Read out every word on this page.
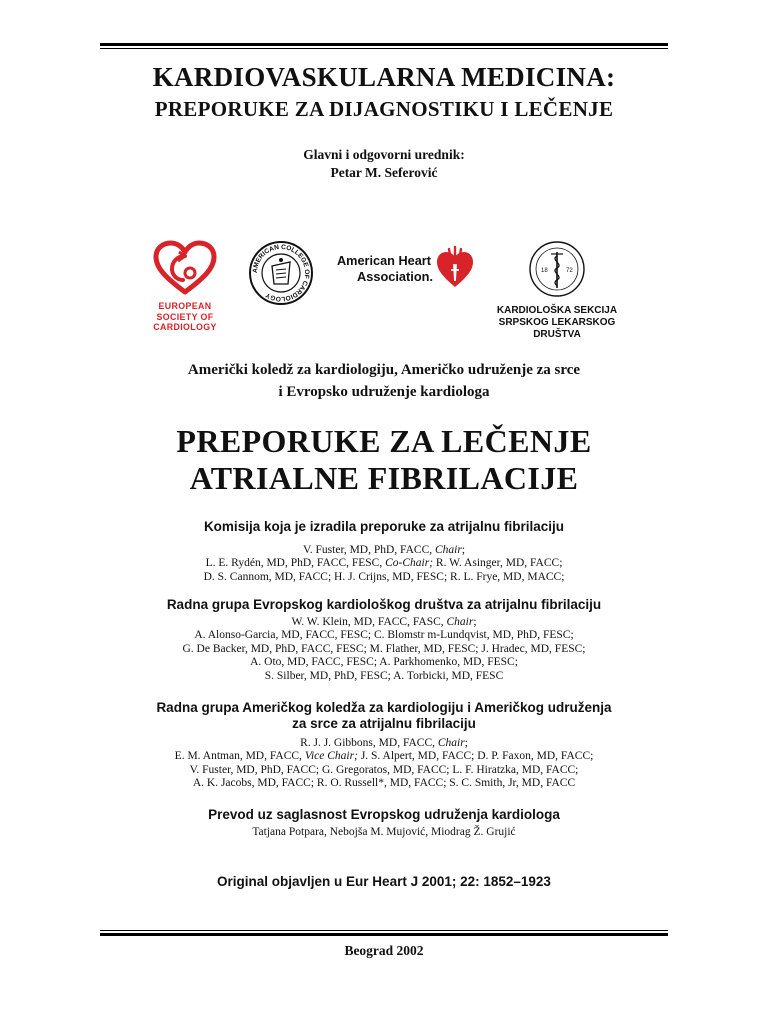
KARDIOVASKULARNA MEDICINA:
PREPORUKE ZA DIJAGNOSTIKU I LEČENJE
Glavni i odgovorni urednik:
Petar M. Seferović
EUROPEAN
SOCIETY OF
CARDIOLOGY
AMERICAN COLLEGE OF CARDIOLOGY
American Heart
Association.	18	72
KARDIOLOŠKA SEKCIJA
SRPSKOG LEKARSKOG
DRUŠTVA
Američki koledž za kardiologiju, Američko udruženje za srce
i Evropsko udruženje kardiologa
PREPORUKE ZA LEČENJE
ATRIALNE FIBRILACIJE
Komisija koja je izradila preporuke za atrijalnu fibrilaciju
V. Fuster, MD, PhD, FACC, Chair;
L. E. Rydén, MD, PhD, FACC, FESC, Co-Chair; R. W. Asinger, MD, FACC;
D. S. Cannom, MD, FACC; H. J. Crijns, MD, FESC; R. L. Frye, MD, MACC;
Radna grupa Evropskog kardiološkog društva za atrijalnu fibrilaciju
W. W. Klein, MD, FACC, FASC, Chair;
A. Alonso-Garcia, MD, FACC, FESC; C. Blomstr m-Lundqvist, MD, PhD, FESC;
G. De Backer, MD, PhD, FACC, FESC; M. Flather, MD, FESC; J. Hradec, MD, FESC;
A. Oto, MD, FACC, FESC; A. Parkhomenko, MD, FESC;
S. Silber, MD, PhD, FESC; A. Torbicki, MD, FESC
Radna grupa Američkog koledža za kardiologiju i Američkog udruženja
za srce za atrijalnu fibrilaciju
R. J. J. Gibbons, MD, FACC, Chair;
E. M. Antman, MD, FACC, Vice Chair; J. S. Alpert, MD, FACC; D. P. Faxon, MD, FACC;
V. Fuster, MD, PhD, FACC; G. Gregoratos, MD, FACC; L. F. Hiratzka, MD, FACC;
A. K. Jacobs, MD, FACC; R. O. Russell*, MD, FACC; S. C. Smith, Jr, MD, FACC
Prevod uz saglasnost Evropskog udruženja kardiologa
Tatjana Potpara, Nebojša M. Mujović, Miodrag Ž. Grujić
Original objavljen u Eur Heart J 2001; 22: 1852–1923
Beograd 2002
